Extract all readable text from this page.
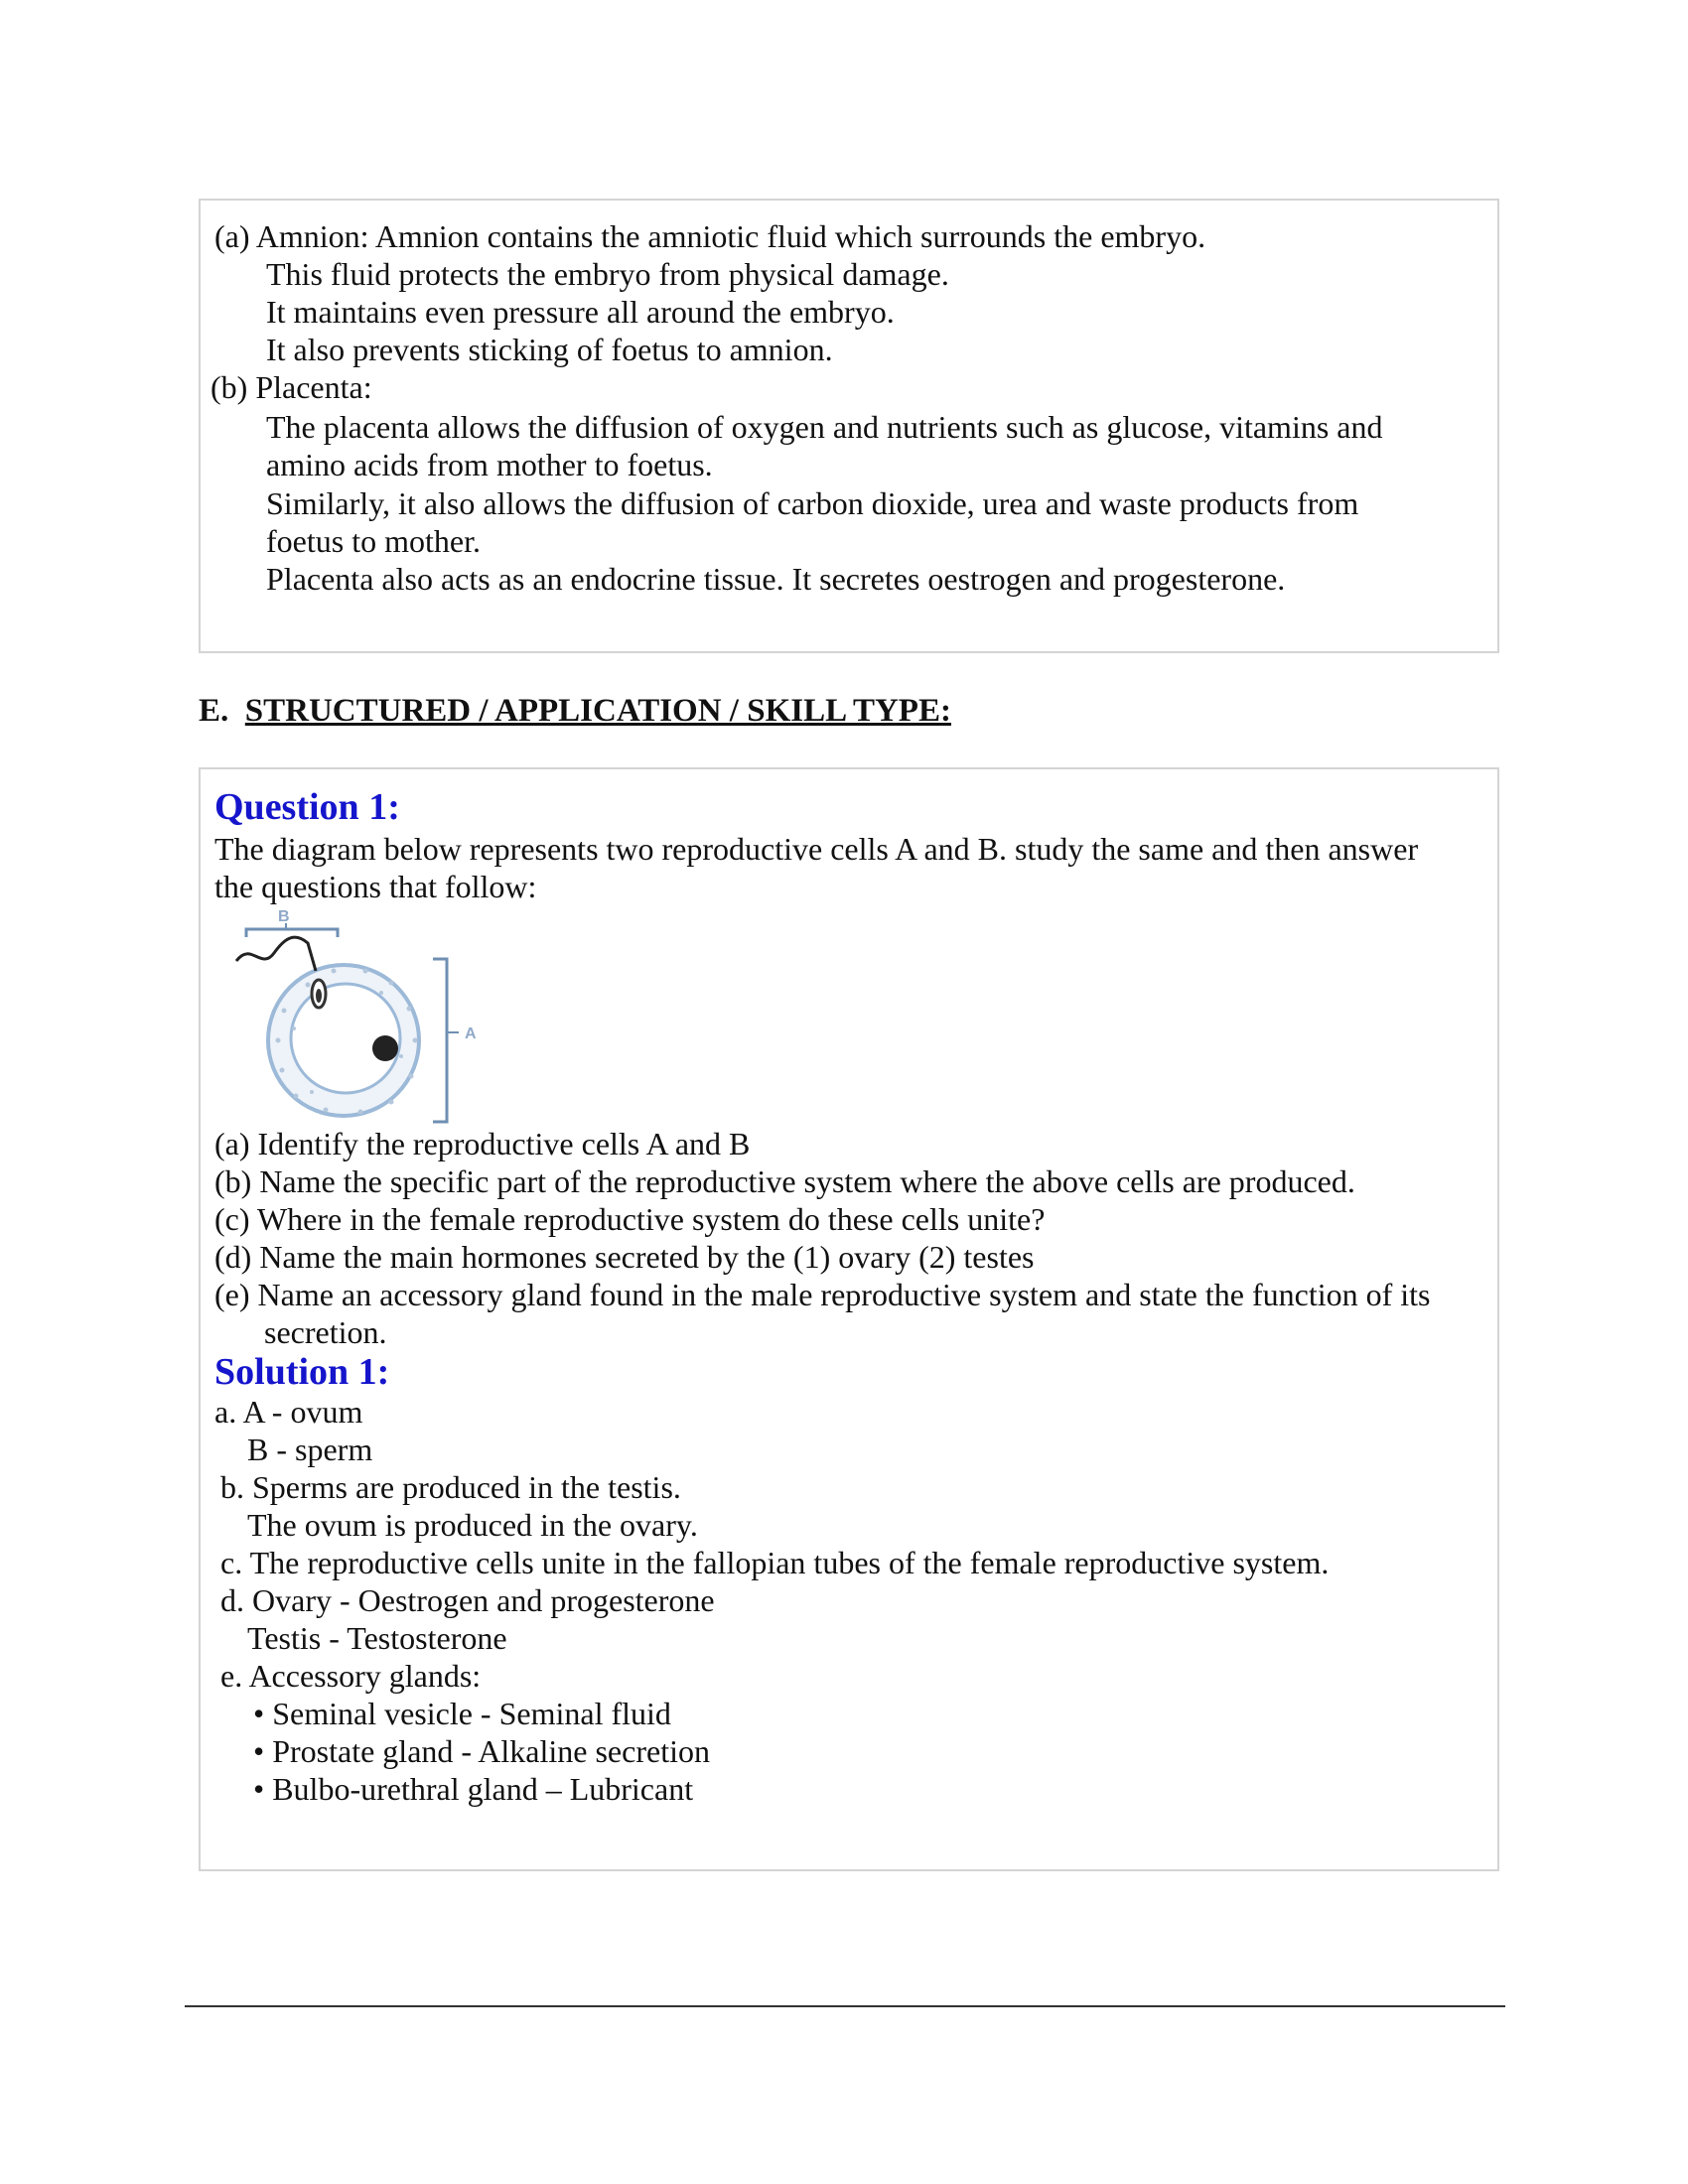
(a) Amnion: Amnion contains the amniotic fluid which surrounds the embryo.
This fluid protects the embryo from physical damage.
It maintains even pressure all around the embryo.
It also prevents sticking of foetus to amnion.
(b) Placenta:
The placenta allows the diffusion of oxygen and nutrients such as glucose, vitamins and
amino acids from mother to foetus.
Similarly, it also allows the diffusion of carbon dioxide, urea and waste products from
foetus to mother.
Placenta also acts as an endocrine tissue. It secretes oestrogen and progesterone.
E. STRUCTURED / APPLICATION / SKILL TYPE:
Question 1:
The diagram below represents two reproductive cells A and B. study the same and then answer
the questions that follow:
B
A
(a) Identify the reproductive cells A and B
(b) Name the specific part of the reproductive system where the above cells are produced.
(c) Where in the female reproductive system do these cells unite?
(d) Name the main hormones secreted by the (1) ovary (2) testes
(e) Name an accessory gland found in the male reproductive system and state the function of its
secretion.
Solution 1:
a. A - ovum
B - sperm
b. Sperms are produced in the testis.
The ovum is produced in the ovary.
c. The reproductive cells unite in the fallopian tubes of the female reproductive system.
d. Ovary - Oestrogen and progesterone
Testis - Testosterone
e. Accessory glands:
• Seminal vesicle - Seminal fluid
• Prostate gland - Alkaline secretion
• Bulbo-urethral gland – Lubricant
